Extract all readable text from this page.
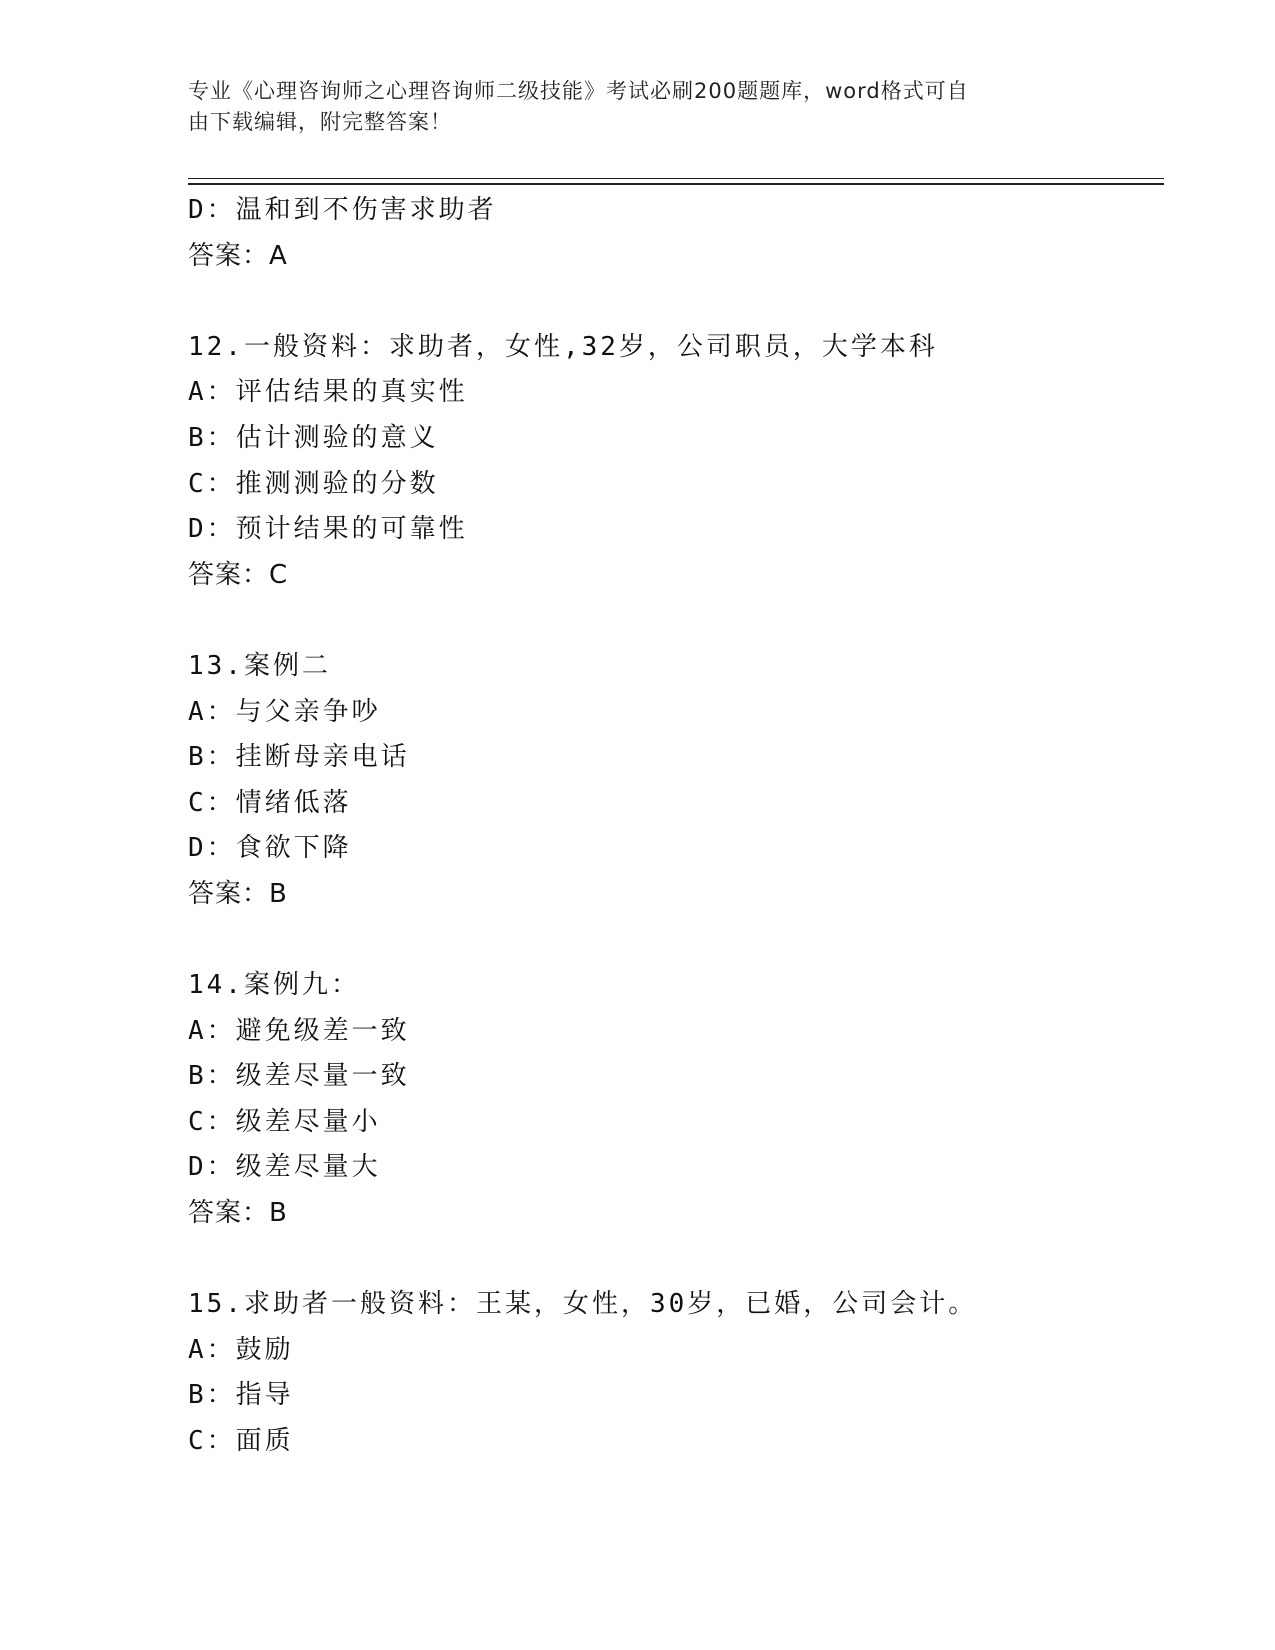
专业《心理咨询师之心理咨询师二级技能》考试必刷200题题库，word格式可自
由下载编辑，附完整答案！
D：温和到不伤害求助者
答案：A
12.一般资料：求助者，女性,32岁，公司职员，大学本科
A：评估结果的真实性
B：估计测验的意义
C：推测测验的分数
D：预计结果的可靠性
答案：C
13.案例二
A：与父亲争吵
B：挂断母亲电话
C：情绪低落
D：食欲下降
答案：B
14.案例九：
A：避免级差一致
B：级差尽量一致
C：级差尽量小
D：级差尽量大
答案：B
15.求助者一般资料：王某，女性，30岁，已婚，公司会计。
A：鼓励
B：指导
C：面质
